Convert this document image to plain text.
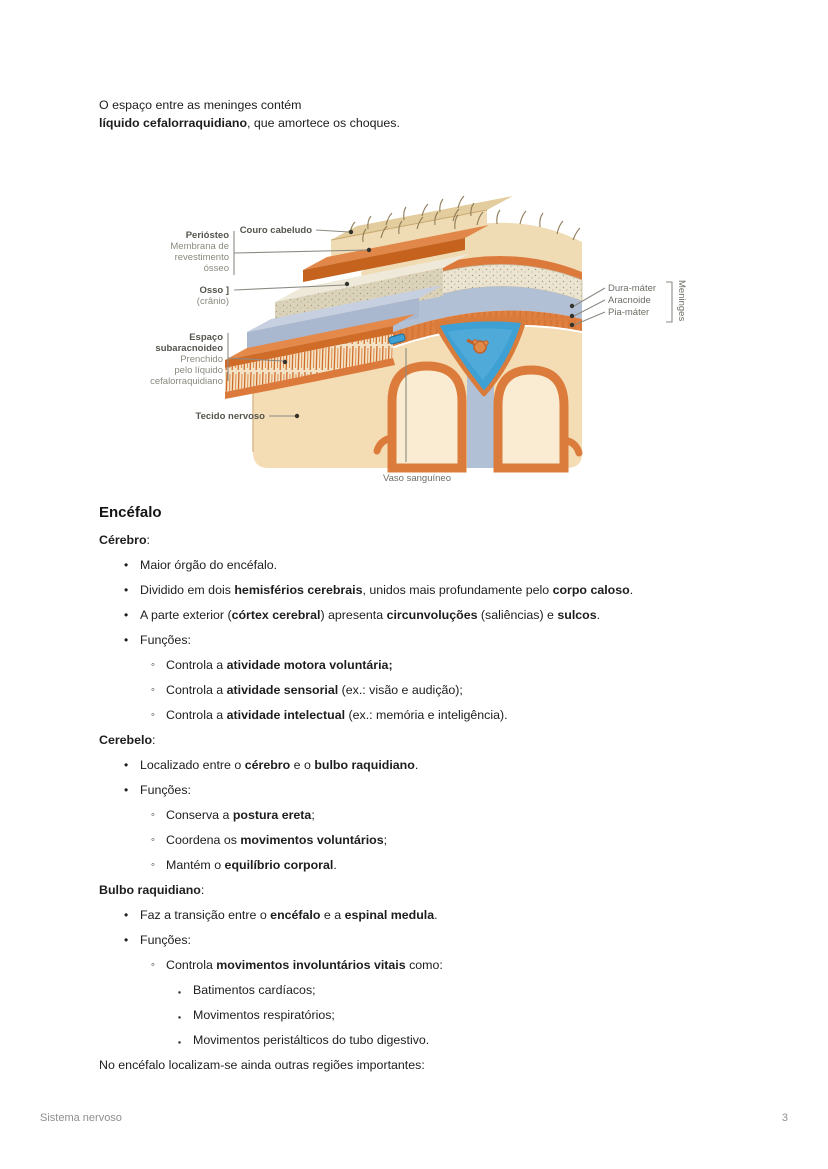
O espaço entre as meninges contém
líquido cefalorraquidiano, que amortece os choques.
Couro cabeludo
Periósteo
Membrana de
revestimento
ósseo
Osso ]
(crânio)
Espaço
subaracnoideo
Prenchido
pelo líquido
cefalorraquidiano
Tecido nervoso
Vaso sanguíneo
Dura-máter
Aracnoide
Pia-máter	Meninges
Encéfalo
Cérebro:
• Maior órgão do encéfalo.
• Dividido em dois hemisférios cerebrais, unidos mais profundamente pelo corpo caloso.
• A parte exterior (córtex cerebral) apresenta circunvoluções (saliências) e sulcos.
• Funções:
◦ Controla a atividade motora voluntária;
◦ Controla a atividade sensorial (ex.: visão e audição);
◦ Controla a atividade intelectual (ex.: memória e inteligência).
Cerebelo:
• Localizado entre o cérebro e o bulbo raquidiano.
• Funções:
◦ Conserva a postura ereta;
◦ Coordena os movimentos voluntários;
◦ Mantém o equilíbrio corporal.
Bulbo raquidiano:
• Faz a transição entre o encéfalo e a espinal medula.
• Funções:
◦ Controla movimentos involuntários vitais como:
▪ Batimentos cardíacos;
▪ Movimentos respiratórios;
▪ Movimentos peristálticos do tubo digestivo.
No encéfalo localizam-se ainda outras regiões importantes:
Sistema nervoso	3
